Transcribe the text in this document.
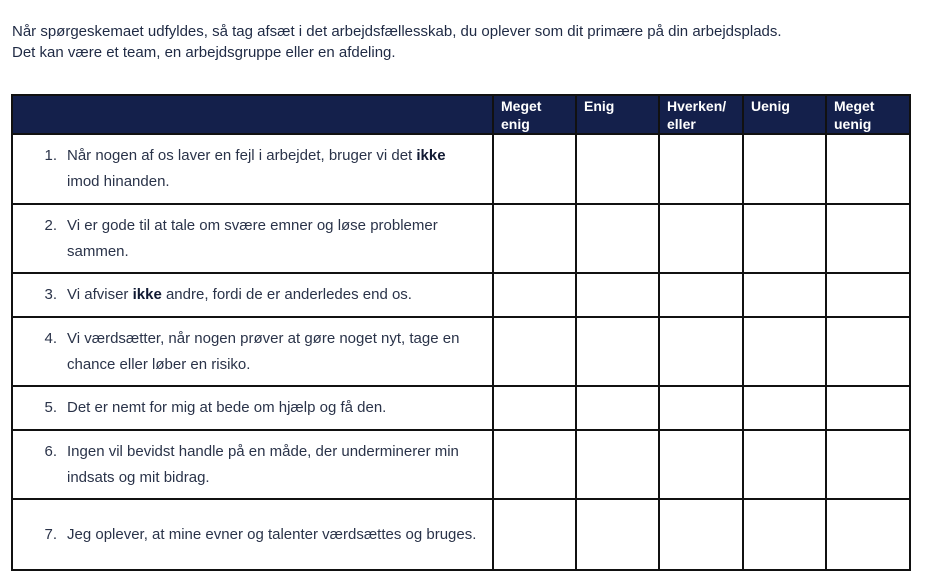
Når spørgeskemaet udfyldes, så tag afsæt i det arbejdsfællesskab, du oplever som dit primære på din arbejdsplads.

Det kan være et team, en arbejdsgruppe eller en afdeling.

	Meget enig	Enig	Hverken/ eller	Uenig	Meget uenig

1. Når nogen af os laver en fejl i arbejdet, bruger vi det ikke imod hinanden.					

2. Vi er gode til at tale om svære emner og løse problemer sammen.					

3. Vi afviser ikke andre, fordi de er anderledes end os.					

4. Vi værdsætter, når nogen prøver at gøre noget nyt, tage en chance eller løber en risiko.					

5. Det er nemt for mig at bede om hjælp og få den.					

6. Ingen vil bevidst handle på en måde, der underminerer min indsats og mit bidrag.					

7. Jeg oplever, at mine evner og talenter værdsættes og bruges.					
